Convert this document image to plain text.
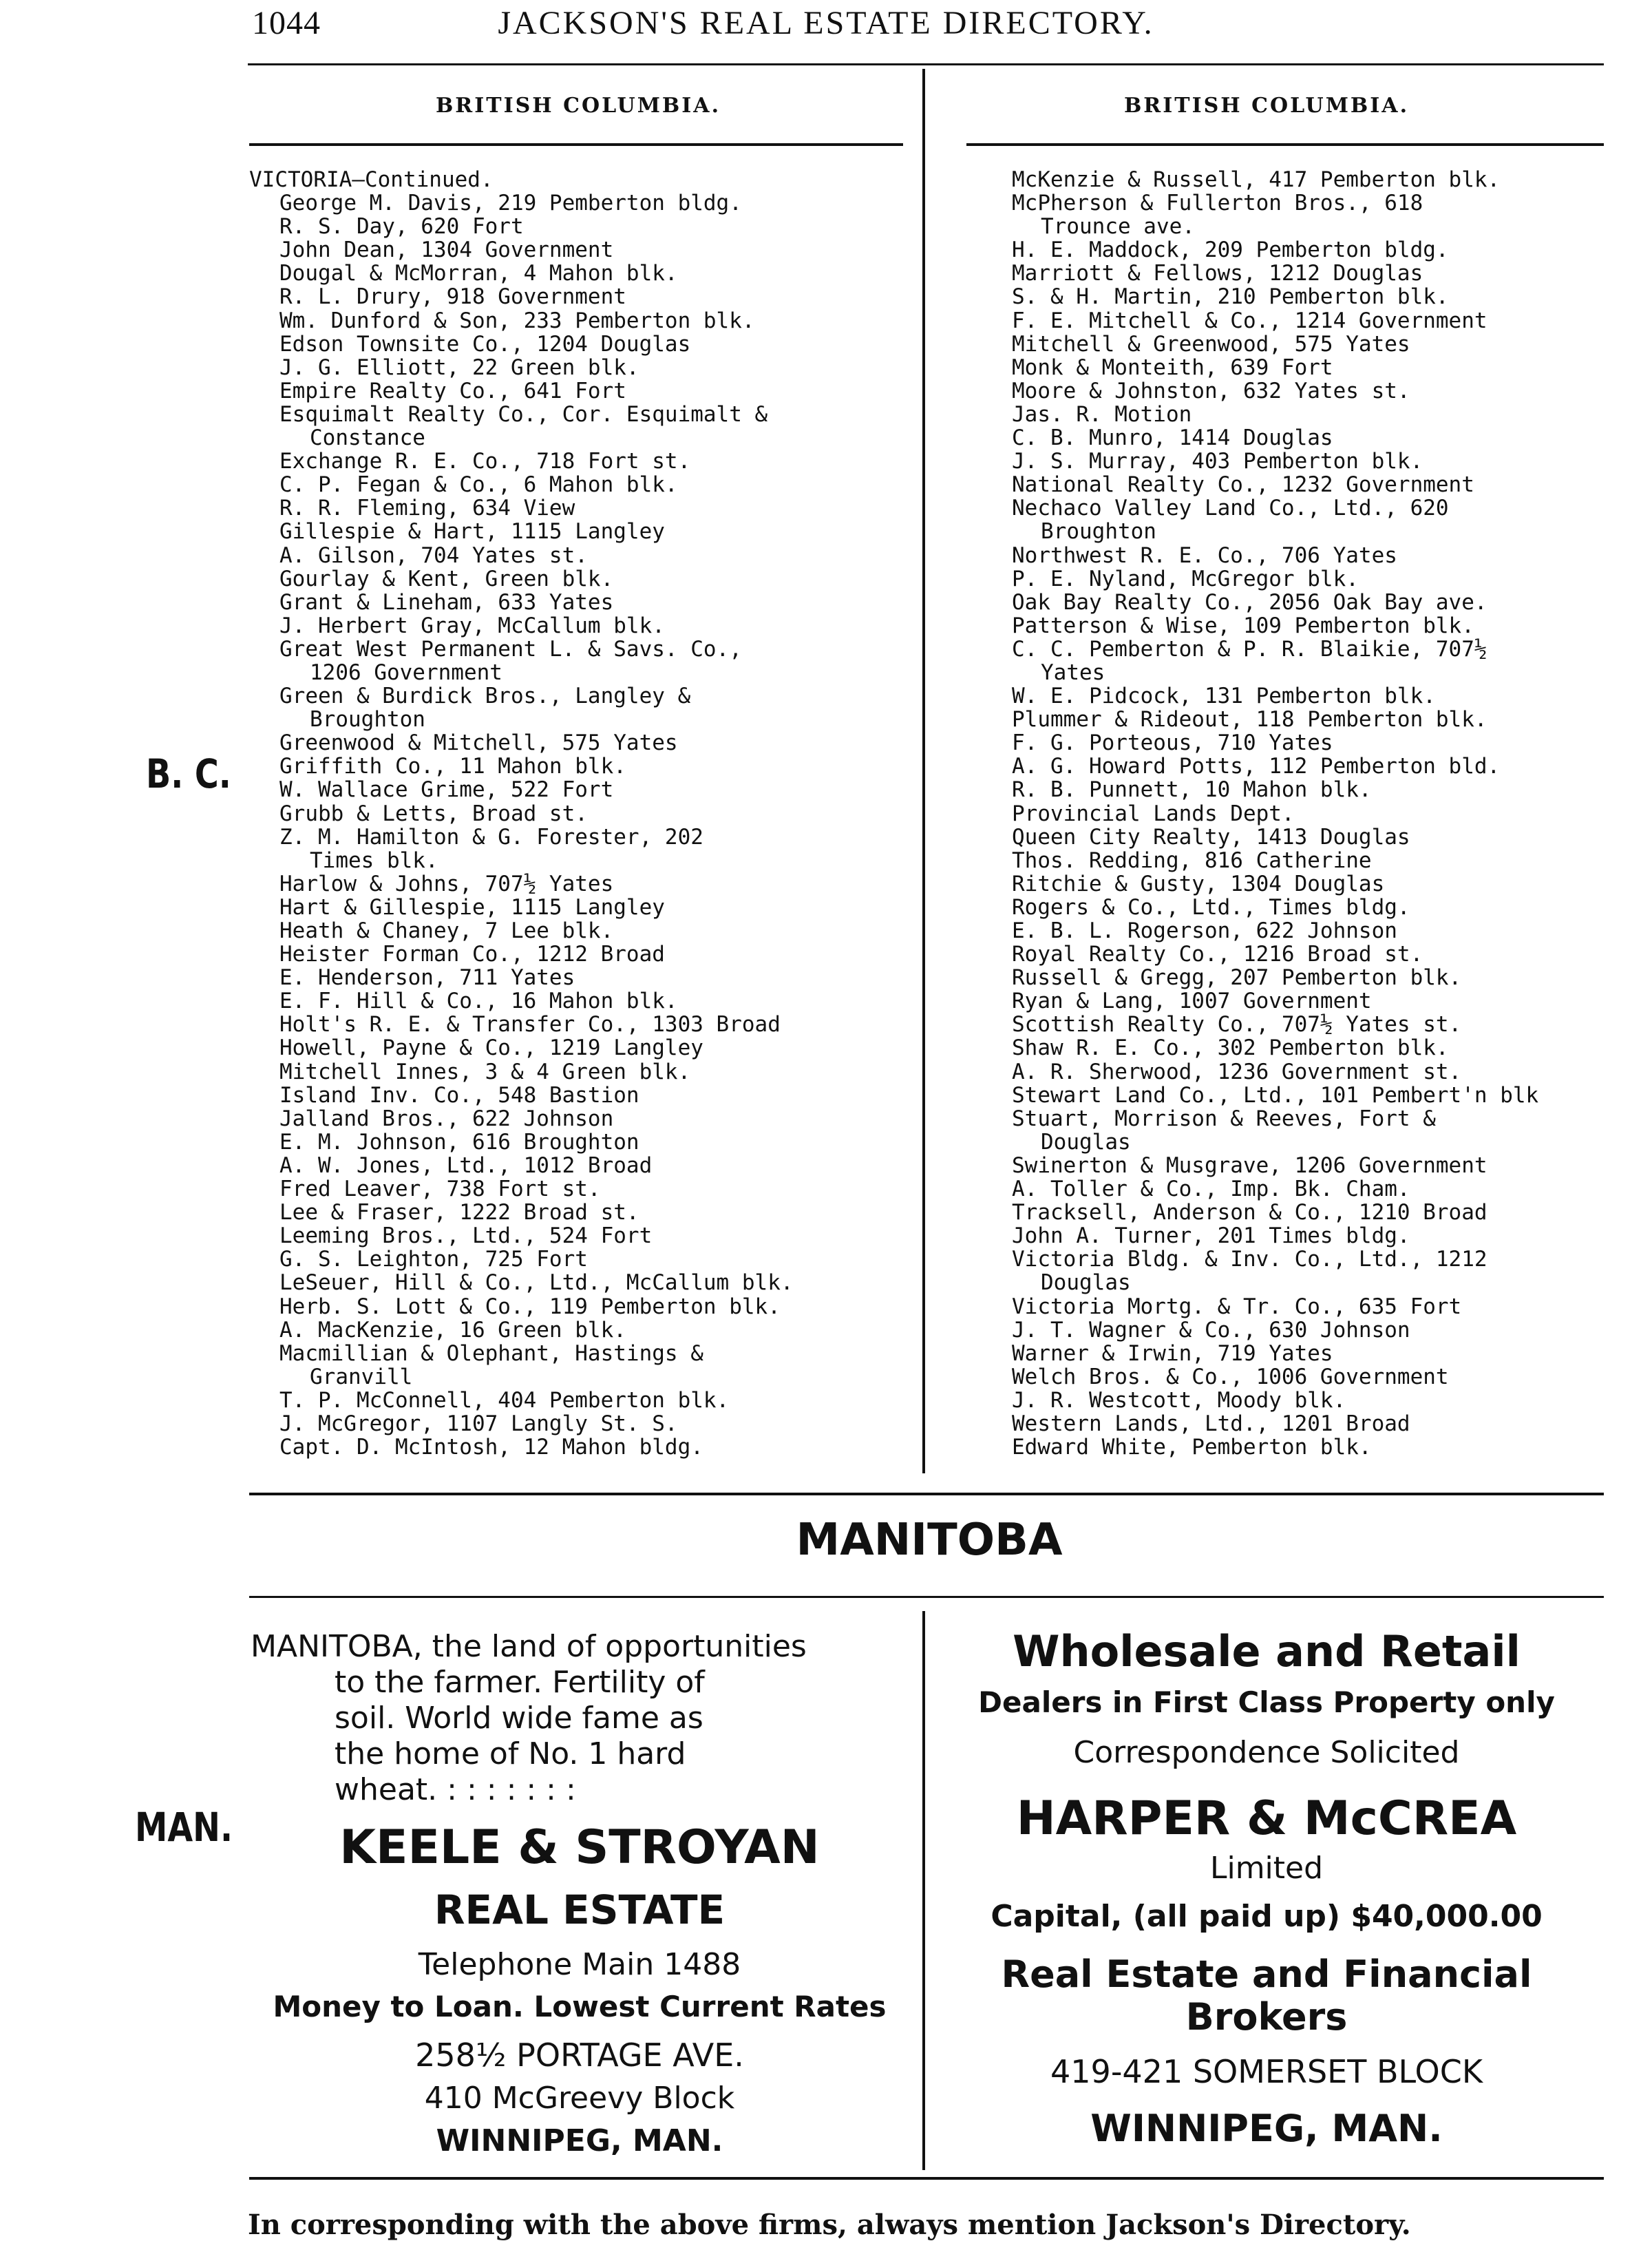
1044	JACKSON'S REAL ESTATE DIRECTORY.
BRITISH COLUMBIA.	BRITISH COLUMBIA.
B. C.
VICTORIA—Continued.
George M. Davis, 219 Pemberton bldg.
R. S. Day, 620 Fort
John Dean, 1304 Government
Dougal & McMorran, 4 Mahon blk.
R. L. Drury, 918 Government
Wm. Dunford & Son, 233 Pemberton blk.
Edson Townsite Co., 1204 Douglas
J. G. Elliott, 22 Green blk.
Empire Realty Co., 641 Fort
Esquimalt Realty Co., Cor. Esquimalt &
Constance
Exchange R. E. Co., 718 Fort st.
C. P. Fegan & Co., 6 Mahon blk.
R. R. Fleming, 634 View
Gillespie & Hart, 1115 Langley
A. Gilson, 704 Yates st.
Gourlay & Kent, Green blk.
Grant & Lineham, 633 Yates
J. Herbert Gray, McCallum blk.
Great West Permanent L. & Savs. Co.,
1206 Government
Green & Burdick Bros., Langley &
Broughton
Greenwood & Mitchell, 575 Yates
Griffith Co., 11 Mahon blk.
W. Wallace Grime, 522 Fort
Grubb & Letts, Broad st.
Z. M. Hamilton & G. Forester, 202
Times blk.
Harlow & Johns, 707½ Yates
Hart & Gillespie, 1115 Langley
Heath & Chaney, 7 Lee blk.
Heister Forman Co., 1212 Broad
E. Henderson, 711 Yates
E. F. Hill & Co., 16 Mahon blk.
Holt's R. E. & Transfer Co., 1303 Broad
Howell, Payne & Co., 1219 Langley
Mitchell Innes, 3 & 4 Green blk.
Island Inv. Co., 548 Bastion
Jalland Bros., 622 Johnson
E. M. Johnson, 616 Broughton
A. W. Jones, Ltd., 1012 Broad
Fred Leaver, 738 Fort st.
Lee & Fraser, 1222 Broad st.
Leeming Bros., Ltd., 524 Fort
G. S. Leighton, 725 Fort
LeSeuer, Hill & Co., Ltd., McCallum blk.
Herb. S. Lott & Co., 119 Pemberton blk.
A. MacKenzie, 16 Green blk.
Macmillian & Olephant, Hastings &
Granvill
T. P. McConnell, 404 Pemberton blk.
J. McGregor, 1107 Langly St. S.
Capt. D. McIntosh, 12 Mahon bldg.
McKenzie & Russell, 417 Pemberton blk.
McPherson & Fullerton Bros., 618
Trounce ave.
H. E. Maddock, 209 Pemberton bldg.
Marriott & Fellows, 1212 Douglas
S. & H. Martin, 210 Pemberton blk.
F. E. Mitchell & Co., 1214 Government
Mitchell & Greenwood, 575 Yates
Monk & Monteith, 639 Fort
Moore & Johnston, 632 Yates st.
Jas. R. Motion
C. B. Munro, 1414 Douglas
J. S. Murray, 403 Pemberton blk.
National Realty Co., 1232 Government
Nechaco Valley Land Co., Ltd., 620
Broughton
Northwest R. E. Co., 706 Yates
P. E. Nyland, McGregor blk.
Oak Bay Realty Co., 2056 Oak Bay ave.
Patterson & Wise, 109 Pemberton blk.
C. C. Pemberton & P. R. Blaikie, 707½
Yates
W. E. Pidcock, 131 Pemberton blk.
Plummer & Rideout, 118 Pemberton blk.
F. G. Porteous, 710 Yates
A. G. Howard Potts, 112 Pemberton bld.
R. B. Punnett, 10 Mahon blk.
Provincial Lands Dept.
Queen City Realty, 1413 Douglas
Thos. Redding, 816 Catherine
Ritchie & Gusty, 1304 Douglas
Rogers & Co., Ltd., Times bldg.
E. B. L. Rogerson, 622 Johnson
Royal Realty Co., 1216 Broad st.
Russell & Gregg, 207 Pemberton blk.
Ryan & Lang, 1007 Government
Scottish Realty Co., 707½ Yates st.
Shaw R. E. Co., 302 Pemberton blk.
A. R. Sherwood, 1236 Government st.
Stewart Land Co., Ltd., 101 Pembert'n blk
Stuart, Morrison & Reeves, Fort &
Douglas
Swinerton & Musgrave, 1206 Government
A. Toller & Co., Imp. Bk. Cham.
Tracksell, Anderson & Co., 1210 Broad
John A. Turner, 201 Times bldg.
Victoria Bldg. & Inv. Co., Ltd., 1212
Douglas
Victoria Mortg. & Tr. Co., 635 Fort
J. T. Wagner & Co., 630 Johnson
Warner & Irwin, 719 Yates
Welch Bros. & Co., 1006 Government
J. R. Westcott, Moody blk.
Western Lands, Ltd., 1201 Broad
Edward White, Pemberton blk.
MANITOBA
MAN.
MANITOBA, the land of opportunities
to the farmer. Fertility of
soil. World wide fame as
the home of No. 1 hard
wheat. : : : : : : :
KEELE & STROYAN
REAL ESTATE
Telephone Main 1488
Money to Loan. Lowest Current Rates
258½ PORTAGE AVE.
410 McGreevy Block
WINNIPEG, MAN.
Wholesale and Retail
Dealers in First Class Property only
Correspondence Solicited
HARPER & McCREA
Limited
Capital, (all paid up) $40,000.00
Real Estate and Financial
Brokers
419-421 SOMERSET BLOCK
WINNIPEG, MAN.
In corresponding with the above firms, always mention Jackson's Directory.
